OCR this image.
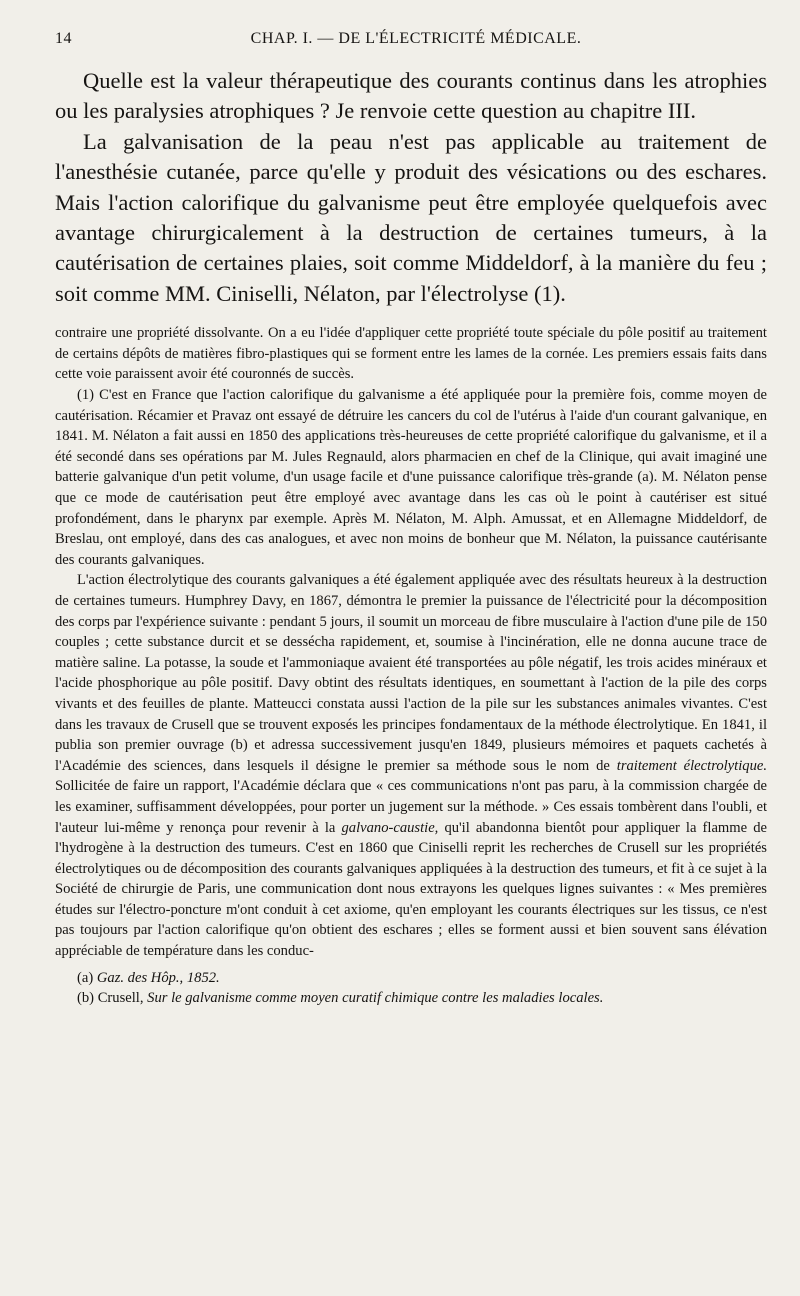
14	CHAP. I. — DE L'ÉLECTRICITÉ MÉDICALE.

Quelle est la valeur thérapeutique des courants continus dans les atrophies ou les paralysies atrophiques ? Je renvoie cette question au chapitre III.

La galvanisation de la peau n'est pas applicable au traitement de l'anesthésie cutanée, parce qu'elle y produit des vésications ou des eschares. Mais l'action calorifique du galvanisme peut être employée quelquefois avec avantage chirurgicalement à la destruction de certaines tumeurs, à la cautérisation de certaines plaies, soit comme Middeldorf, à la manière du feu ; soit comme MM. Ciniselli, Nélaton, par l'électrolyse (1).

contraire une propriété dissolvante. On a eu l'idée d'appliquer cette propriété toute spéciale du pôle positif au traitement de certains dépôts de matières fibro-plastiques qui se forment entre les lames de la cornée. Les premiers essais faits dans cette voie paraissent avoir été couronnés de succès.

(1) C'est en France que l'action calorifique du galvanisme a été appliquée pour la première fois, comme moyen de cautérisation. Récamier et Pravaz ont essayé de détruire les cancers du col de l'utérus à l'aide d'un courant galvanique, en 1841. M. Nélaton a fait aussi en 1850 des applications très-heureuses de cette propriété calorifique du galvanisme, et il a été secondé dans ses opérations par M. Jules Regnauld, alors pharmacien en chef de la Clinique, qui avait imaginé une batterie galvanique d'un petit volume, d'un usage facile et d'une puissance calorifique très-grande (a). M. Nélaton pense que ce mode de cautérisation peut être employé avec avantage dans les cas où le point à cautériser est situé profondément, dans le pharynx par exemple. Après M. Nélaton, M. Alph. Amussat, et en Allemagne Middeldorf, de Breslau, ont employé, dans des cas analogues, et avec non moins de bonheur que M. Nélaton, la puissance cautérisante des courants galvaniques.

L'action électrolytique des courants galvaniques a été également appliquée avec des résultats heureux à la destruction de certaines tumeurs. Humphrey Davy, en 1867, démontra le premier la puissance de l'électricité pour la décomposition des corps par l'expérience suivante : pendant 5 jours, il soumit un morceau de fibre musculaire à l'action d'une pile de 150 couples ; cette substance durcit et se dessécha rapidement, et, soumise à l'incinération, elle ne donna aucune trace de matière saline. La potasse, la soude et l'ammoniaque avaient été transportées au pôle négatif, les trois acides minéraux et l'acide phosphorique au pôle positif. Davy obtint des résultats identiques, en soumettant à l'action de la pile des corps vivants et des feuilles de plante. Matteucci constata aussi l'action de la pile sur les substances animales vivantes. C'est dans les travaux de Crusell que se trouvent exposés les principes fondamentaux de la méthode électrolytique. En 1841, il publia son premier ouvrage (b) et adressa successivement jusqu'en 1849, plusieurs mémoires et paquets cachetés à l'Académie des sciences, dans lesquels il désigne le premier sa méthode sous le nom de traitement électrolytique. Sollicitée de faire un rapport, l'Académie déclara que « ces communications n'ont pas paru, à la commission chargée de les examiner, suffisamment développées, pour porter un jugement sur la méthode. » Ces essais tombèrent dans l'oubli, et l'auteur lui-même y renonça pour revenir à la galvano-caustie, qu'il abandonna bientôt pour appliquer la flamme de l'hydrogène à la destruction des tumeurs. C'est en 1860 que Ciniselli reprit les recherches de Crusell sur les propriétés électrolytiques ou de décomposition des courants galvaniques appliquées à la destruction des tumeurs, et fit à ce sujet à la Société de chirurgie de Paris, une communication dont nous extrayons les quelques lignes suivantes : « Mes premières études sur l'électro-poncture m'ont conduit à cet axiome, qu'en employant les courants électriques sur les tissus, ce n'est pas toujours par l'action calorifique qu'on obtient des eschares ; elles se forment aussi et bien souvent sans élévation appréciable de température dans les conduc-

(a) Gaz. des Hôp., 1852.

(b) Crusell, Sur le galvanisme comme moyen curatif chimique contre les maladies locales.
